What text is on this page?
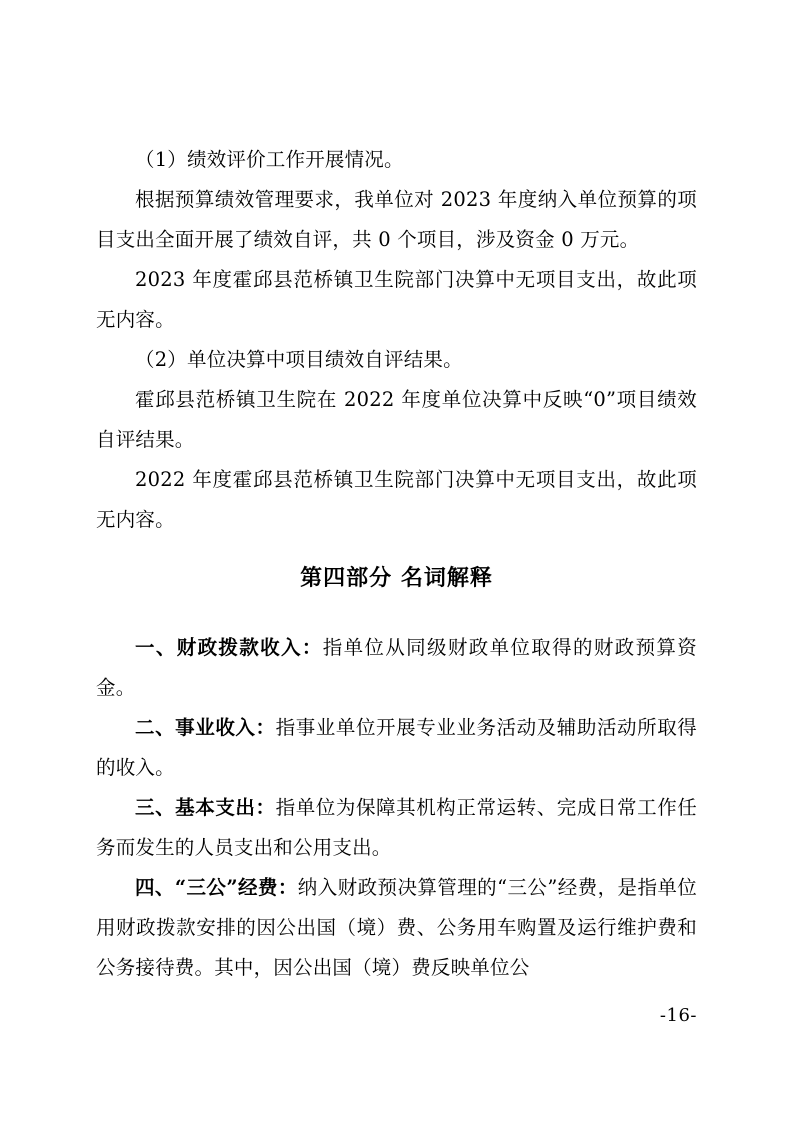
（1）绩效评价工作开展情况。

根据预算绩效管理要求，我单位对 2023 年度纳入单位预算的项目支出全面开展了绩效自评，共 0 个项目，涉及资金 0 万元。

2023 年度霍邱县范桥镇卫生院部门决算中无项目支出，故此项无内容。

（2）单位决算中项目绩效自评结果。

霍邱县范桥镇卫生院在 2022 年度单位决算中反映“0”项目绩效自评结果。

2022 年度霍邱县范桥镇卫生院部门决算中无项目支出，故此项无内容。

第四部分 名词解释

一、财政拨款收入：指单位从同级财政单位取得的财政预算资金。

二、事业收入：指事业单位开展专业业务活动及辅助活动所取得的收入。

三、基本支出：指单位为保障其机构正常运转、完成日常工作任务而发生的人员支出和公用支出。

四、“三公”经费：纳入财政预决算管理的“三公”经费，是指单位用财政拨款安排的因公出国（境）费、公务用车购置及运行维护费和公务接待费。其中，因公出国（境）费反映单位公

-16-
